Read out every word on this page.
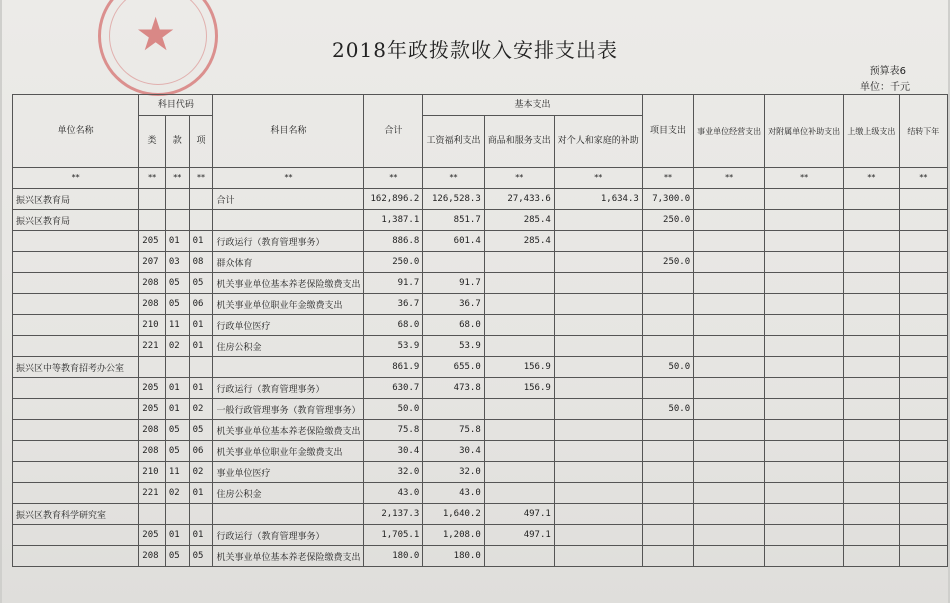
★	2018年政拨款收入安排支出表
预算表6
单位：千元
单位名称	科目代码			科目名称	合计	基本支出			项目支出	事业单位经营支出	对附属单位补助支出	上缴上级支出	结转下年
	类	款	项			工资福利支出	商品和服务支出	对个人和家庭的补助					
**	**	**	**	**	**	**	**	**	**	**	**	**	**
振兴区教育局				合计	162,896.2	126,528.3	27,433.6	1,634.3	7,300.0				
振兴区教育局					1,387.1	851.7	285.4		250.0				
	205	01	01	行政运行（教育管理事务）	886.8	601.4	285.4						
	207	03	08	群众体育	250.0				250.0				
	208	05	05	机关事业单位基本养老保险缴费支出	91.7	91.7							
	208	05	06	机关事业单位职业年金缴费支出	36.7	36.7							
	210	11	01	行政单位医疗	68.0	68.0							
	221	02	01	住房公积金	53.9	53.9							
振兴区中等教育招考办公室					861.9	655.0	156.9		50.0				
	205	01	01	行政运行（教育管理事务）	630.7	473.8	156.9						
	205	01	02	一般行政管理事务（教育管理事务）	50.0				50.0				
	208	05	05	机关事业单位基本养老保险缴费支出	75.8	75.8							
	208	05	06	机关事业单位职业年金缴费支出	30.4	30.4							
	210	11	02	事业单位医疗	32.0	32.0							
	221	02	01	住房公积金	43.0	43.0							
振兴区教育科学研究室					2,137.3	1,640.2	497.1						
	205	01	01	行政运行（教育管理事务）	1,705.1	1,208.0	497.1						
	208	05	05	机关事业单位基本养老保险缴费支出	180.0	180.0							
